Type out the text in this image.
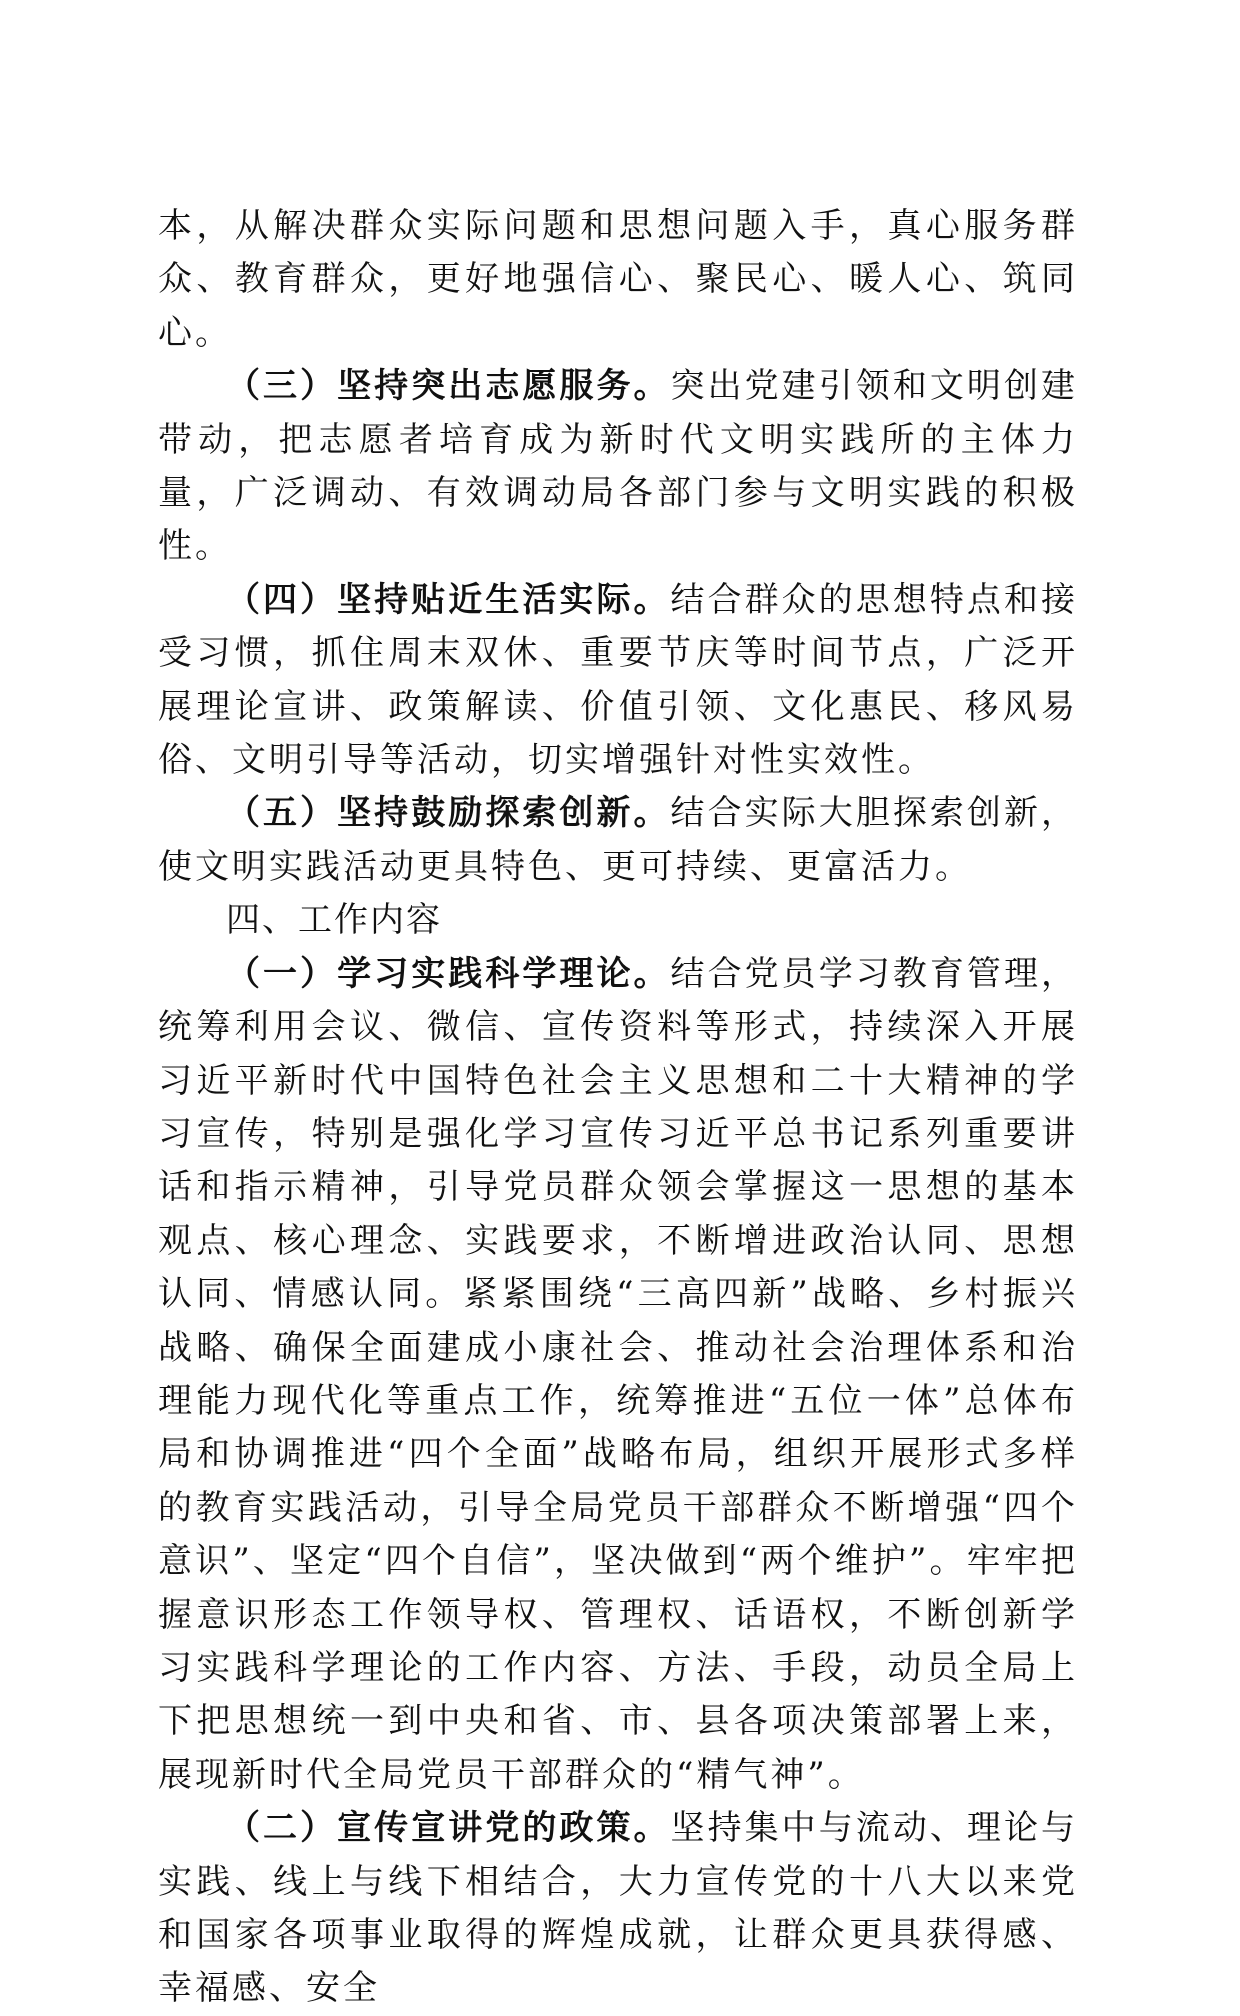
本，从解决群众实际问题和思想问题入手，真心服务群众、教育群众，更好地强信心、聚民心、暖人心、筑同心。

（三）坚持突出志愿服务。突出党建引领和文明创建带动，把志愿者培育成为新时代文明实践所的主体力量，广泛调动、有效调动局各部门参与文明实践的积极性。

（四）坚持贴近生活实际。结合群众的思想特点和接受习惯，抓住周末双休、重要节庆等时间节点，广泛开展理论宣讲、政策解读、价值引领、文化惠民、移风易俗、文明引导等活动，切实增强针对性实效性。

（五）坚持鼓励探索创新。结合实际大胆探索创新，使文明实践活动更具特色、更可持续、更富活力。

四、工作内容

（一）学习实践科学理论。结合党员学习教育管理，统筹利用会议、微信、宣传资料等形式，持续深入开展习近平新时代中国特色社会主义思想和二十大精神的学习宣传，特别是强化学习宣传习近平总书记系列重要讲话和指示精神，引导党员群众领会掌握这一思想的基本观点、核心理念、实践要求，不断增进政治认同、思想认同、情感认同。紧紧围绕“三高四新”战略、乡村振兴战略、确保全面建成小康社会、推动社会治理体系和治理能力现代化等重点工作，统筹推进“五位一体”总体布局和协调推进“四个全面”战略布局，组织开展形式多样的教育实践活动，引导全局党员干部群众不断增强“四个意识”、坚定“四个自信”，坚决做到“两个维护”。牢牢把握意识形态工作领导权、管理权、话语权，不断创新学习实践科学理论的工作内容、方法、手段，动员全局上下把思想统一到中央和省、市、县各项决策部署上来，展现新时代全局党员干部群众的“精气神”。

（二）宣传宣讲党的政策。坚持集中与流动、理论与实践、线上与线下相结合，大力宣传党的十八大以来党和国家各项事业取得的辉煌成就，让群众更具获得感、幸福感、安全
